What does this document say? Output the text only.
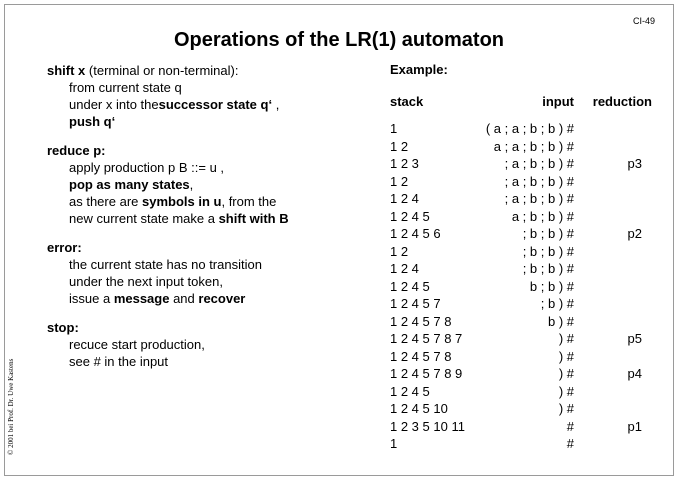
CI-49
Operations of the LR(1) automaton
© 2001 bei Prof. Dr. Uwe Kastens
shift x (terminal or non-terminal):
from current state q
under x into thesuccessor state q‘ ,
push q‘
reduce p:
apply production p B ::= u ,
pop as many states,
as there are symbols in u, from the
new current state make a shift with B
error:
the current state has no transition
under the next input token,
issue a message and recover
stop:
recuce start production,
see # in the input
Example:
stack	input reduction
1	( a ; a ; b ; b ) #
1 2	a ; a ; b ; b ) #
1 2 3	; a ; b ; b ) #	p3
1 2	; a ; b ; b ) #
1 2 4	; a ; b ; b ) #
1 2 4 5	a ; b ; b ) #
1 2 4 5 6	; b ; b ) #	p2
1 2	; b ; b ) #
1 2 4	; b ; b ) #
1 2 4 5	b ; b ) #
1 2 4 5 7	; b ) #
1 2 4 5 7 8	b ) #
1 2 4 5 7 8 7	) #	p5
1 2 4 5 7 8	) #
1 2 4 5 7 8 9	) #	p4
1 2 4 5	) #
1 2 4 5 10	) #
1 2 3 5 10 11	#	p1
1	#
